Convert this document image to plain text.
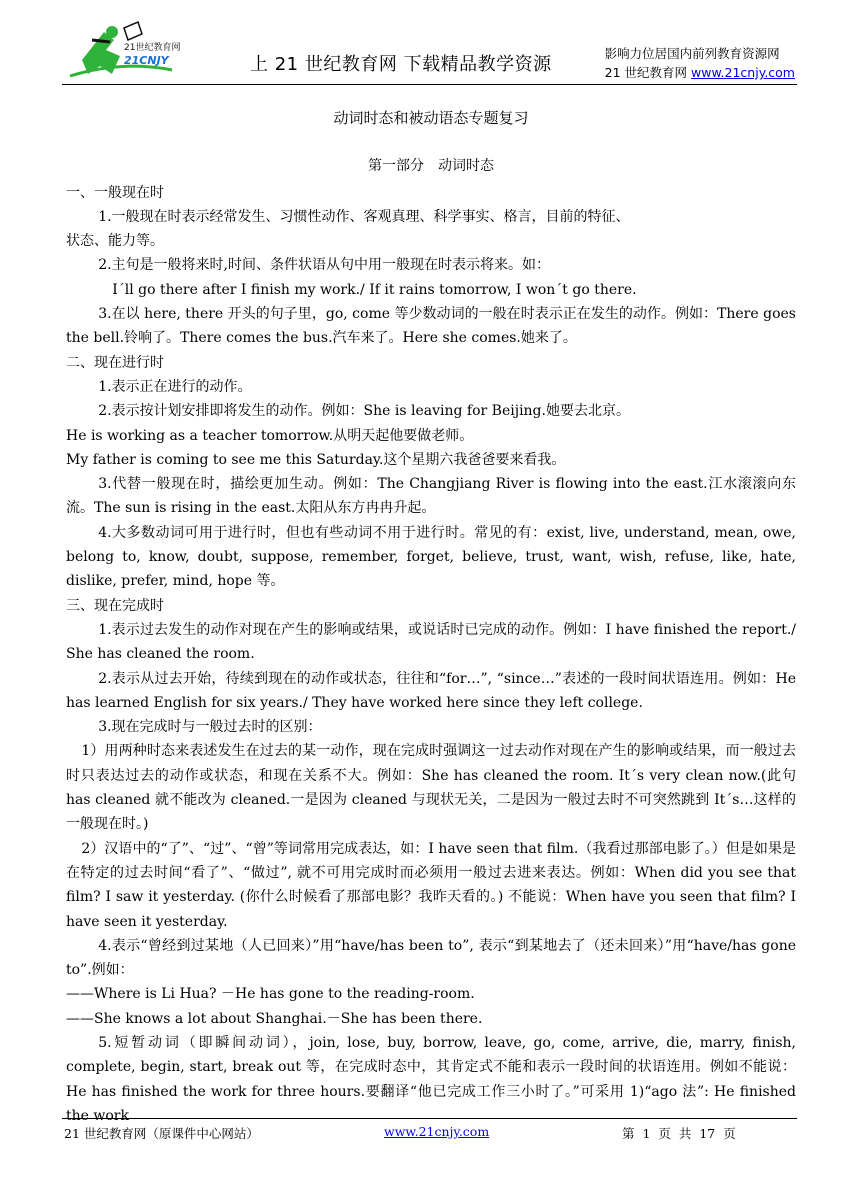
21世纪教育网
21CNJY	上 21 世纪教育网 下载精品教学资源
影响力位居国内前列教育资源网
21 世纪教育网 www.21cnjy.com

动词时态和被动语态专题复习

第一部分　动词时态

一、一般现在时

1.一般现在时表示经常发生、习惯性动作、客观真理、科学事实、格言，目前的特征、

状态、能力等。

2.主句是一般将来时,时间、条件状语从句中用一般现在时表示将来。如：

I´ll go there after I finish my work./ If it rains tomorrow, I won´t go there.

3.在以 here, there 开头的句子里，go, come 等少数动词的一般在时表示正在发生的动作。例如：There goes the bell.铃响了。There comes the bus.汽车来了。Here she comes.她来了。

二、现在进行时

1.表示正在进行的动作。

2.表示按计划安排即将发生的动作。例如：She is leaving for Beijing.她要去北京。

He is working as a teacher tomorrow.从明天起他要做老师。

My father is coming to see me this Saturday.这个星期六我爸爸要来看我。

3.代替一般现在时，描绘更加生动。例如：The Changjiang River is flowing into the east.江水滚滚向东流。The sun is rising in the east.太阳从东方冉冉升起。

4.大多数动词可用于进行时，但也有些动词不用于进行时。常见的有：exist, live, understand, mean, owe, belong to, know, doubt, suppose, remember, forget, believe, trust, want, wish, refuse, like, hate, dislike, prefer, mind, hope 等。

三、现在完成时

1.表示过去发生的动作对现在产生的影响或结果，或说话时已完成的动作。例如：I have finished the report./ She has cleaned the room.

2.表示从过去开始，待续到现在的动作或状态，往往和“for…”, “since…”表述的一段时间状语连用。例如：He has learned English for six years./ They have worked here since they left college.

3.现在完成时与一般过去时的区别：

1）用两种时态来表述发生在过去的某一动作，现在完成时强调这一过去动作对现在产生的影响或结果，而一般过去时只表达过去的动作或状态，和现在关系不大。例如：She has cleaned the room. It´s very clean now.(此句 has cleaned 就不能改为 cleaned.一是因为 cleaned 与现状无关，二是因为一般过去时不可突然跳到 It´s…这样的一般现在时。)

2）汉语中的“了”、“过”、“曾”等词常用完成表达，如：I have seen that film.（我看过那部电影了。）但是如果是在特定的过去时间“看了”、“做过”, 就不可用完成时而必须用一般过去进来表达。例如：When did you see that film? I saw it yesterday. (你什么时候看了那部电影？我昨天看的。) 不能说：When have you seen that film? I have seen it yesterday.

4.表示“曾经到过某地（人已回来）”用“have/has been to”, 表示“到某地去了（还未回来）”用“have/has gone to”.例如：

——Where is Li Hua? －He has gone to the reading-room.

——She knows a lot about Shanghai.－She has been there.

5.短暂动词（即瞬间动词），join, lose, buy, borrow, leave, go, come, arrive, die, marry, finish, complete, begin, start, break out 等，在完成时态中，其肯定式不能和表示一段时间的状语连用。例如不能说：He has finished the work for three hours.要翻译“他已完成工作三小时了。”可采用 1)“ago 法”: He finished the work

21 世纪教育网（原课件中心网站）	www.21cnjy.com	第 1 页 共 17 页
